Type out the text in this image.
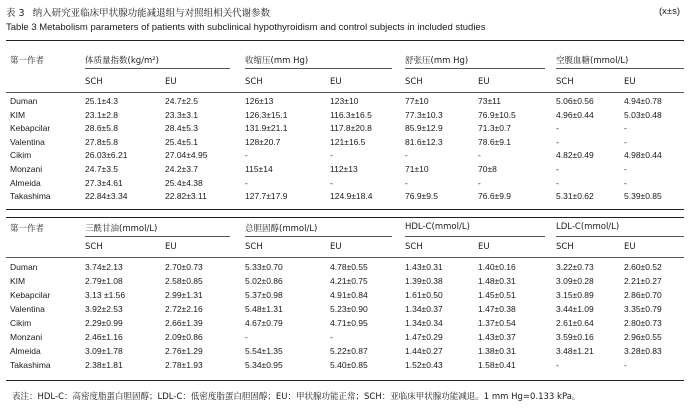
表 3 纳入研究亚临床甲状腺功能减退组与对照组相关代谢参数
Table 3 Metabolism parameters of patients with subclinical hypothyroidism and control subjects in included studies
(x±s)
第一作者	体质量指数(kg/m²)	收缩压(mm Hg)	舒张压(mm Hg)	空腹血糖(mmol/L)
SCH	EU	SCH	EU	SCH	EU	SCH	EU
Duman	25.1±4.3	24.7±2.5	126±13	123±10	77±10	73±11	5.06±0.56	4.94±0.78
KIM	23.1±2.8	23.3±3.1	126.3±15.1	116.3±16.5	77.3±10.3	76.9±10.5	4.96±0.44	5.03±0.48
Kebapcilar	28.6±5.8	28.4±5.3	131.9±21.1	117.8±20.8	85.9±12.9	71.3±0.7	-	-
Valentina	27.8±5.8	25.4±5.1	128±20.7	121±16.5	81.6±12.3	78.6±9.1	-	-
Cikim	26.03±6.21	27.04±4.95	-	-	-	-	4.82±0.49	4.98±0.44
Monzani	24.7±3.5	24.2±3.7	115±14	112±13	71±10	70±8	-	-
Almeida	27.3±4.61	25.4±4.38	-	-	-	-	-	-
Takashima	22.84±3.34	22.82±3.11	127.7±17.9	124.9±18.4	76.9±9.5	76.6±9.9	5.31±0.62	5.39±0.85
第一作者	三酰甘油(mmol/L)	总胆固醇(mmol/L)	HDL-C(mmol/L)	LDL-C(mmol/L)
SCH	EU	SCH	EU	SCH	EU	SCH	EU
Duman	3.74±2.13	2.70±0.73	5.33±0.70	4.78±0.55	1.43±0.31	1.40±0.16	3.22±0.73	2.60±0.52
KIM	2.79±1.08	2.58±0.85	5.02±0.86	4.21±0.75	1.39±0.38	1.48±0.31	3.09±0.28	2.21±0.27
Kebapcilar	3.13 ±1.56	2.99±1.31	5.37±0.98	4.91±0.84	1.61±0.50	1.45±0.51	3.15±0.89	2.86±0.70
Valentina	3.92±2.53	2.72±2.16	5.48±1.31	5.23±0.90	1.34±0.37	1.47±0.38	3.44±1.09	3.35±0.79
Cikim	2.29±0.99	2.66±1.39	4.67±0.79	4.71±0.95	1.34±0.34	1.37±0.54	2.61±0.64	2.80±0.73
Monzani	2.46±1.16	2.09±0.86	-	-	1.47±0.29	1.43±0.37	3.59±0.16	2.96±0.55
Almeida	3.09±1.78	2.76±1.29	5.54±1.35	5.22±0.87	1.44±0.27	1.38±0.31	3.48±1.21	3.28±0.83
Takashima	2.38±1.81	2.78±1.93	5.34±0.95	5.40±0.85	1.52±0.43	1.58±0.41	-	-
表注：HDL-C：高密度脂蛋白胆固醇；LDL-C：低密度脂蛋白胆固醇；EU：甲状腺功能正常；SCH：亚临床甲状腺功能减退。1 mm Hg=0.133 kPa。
